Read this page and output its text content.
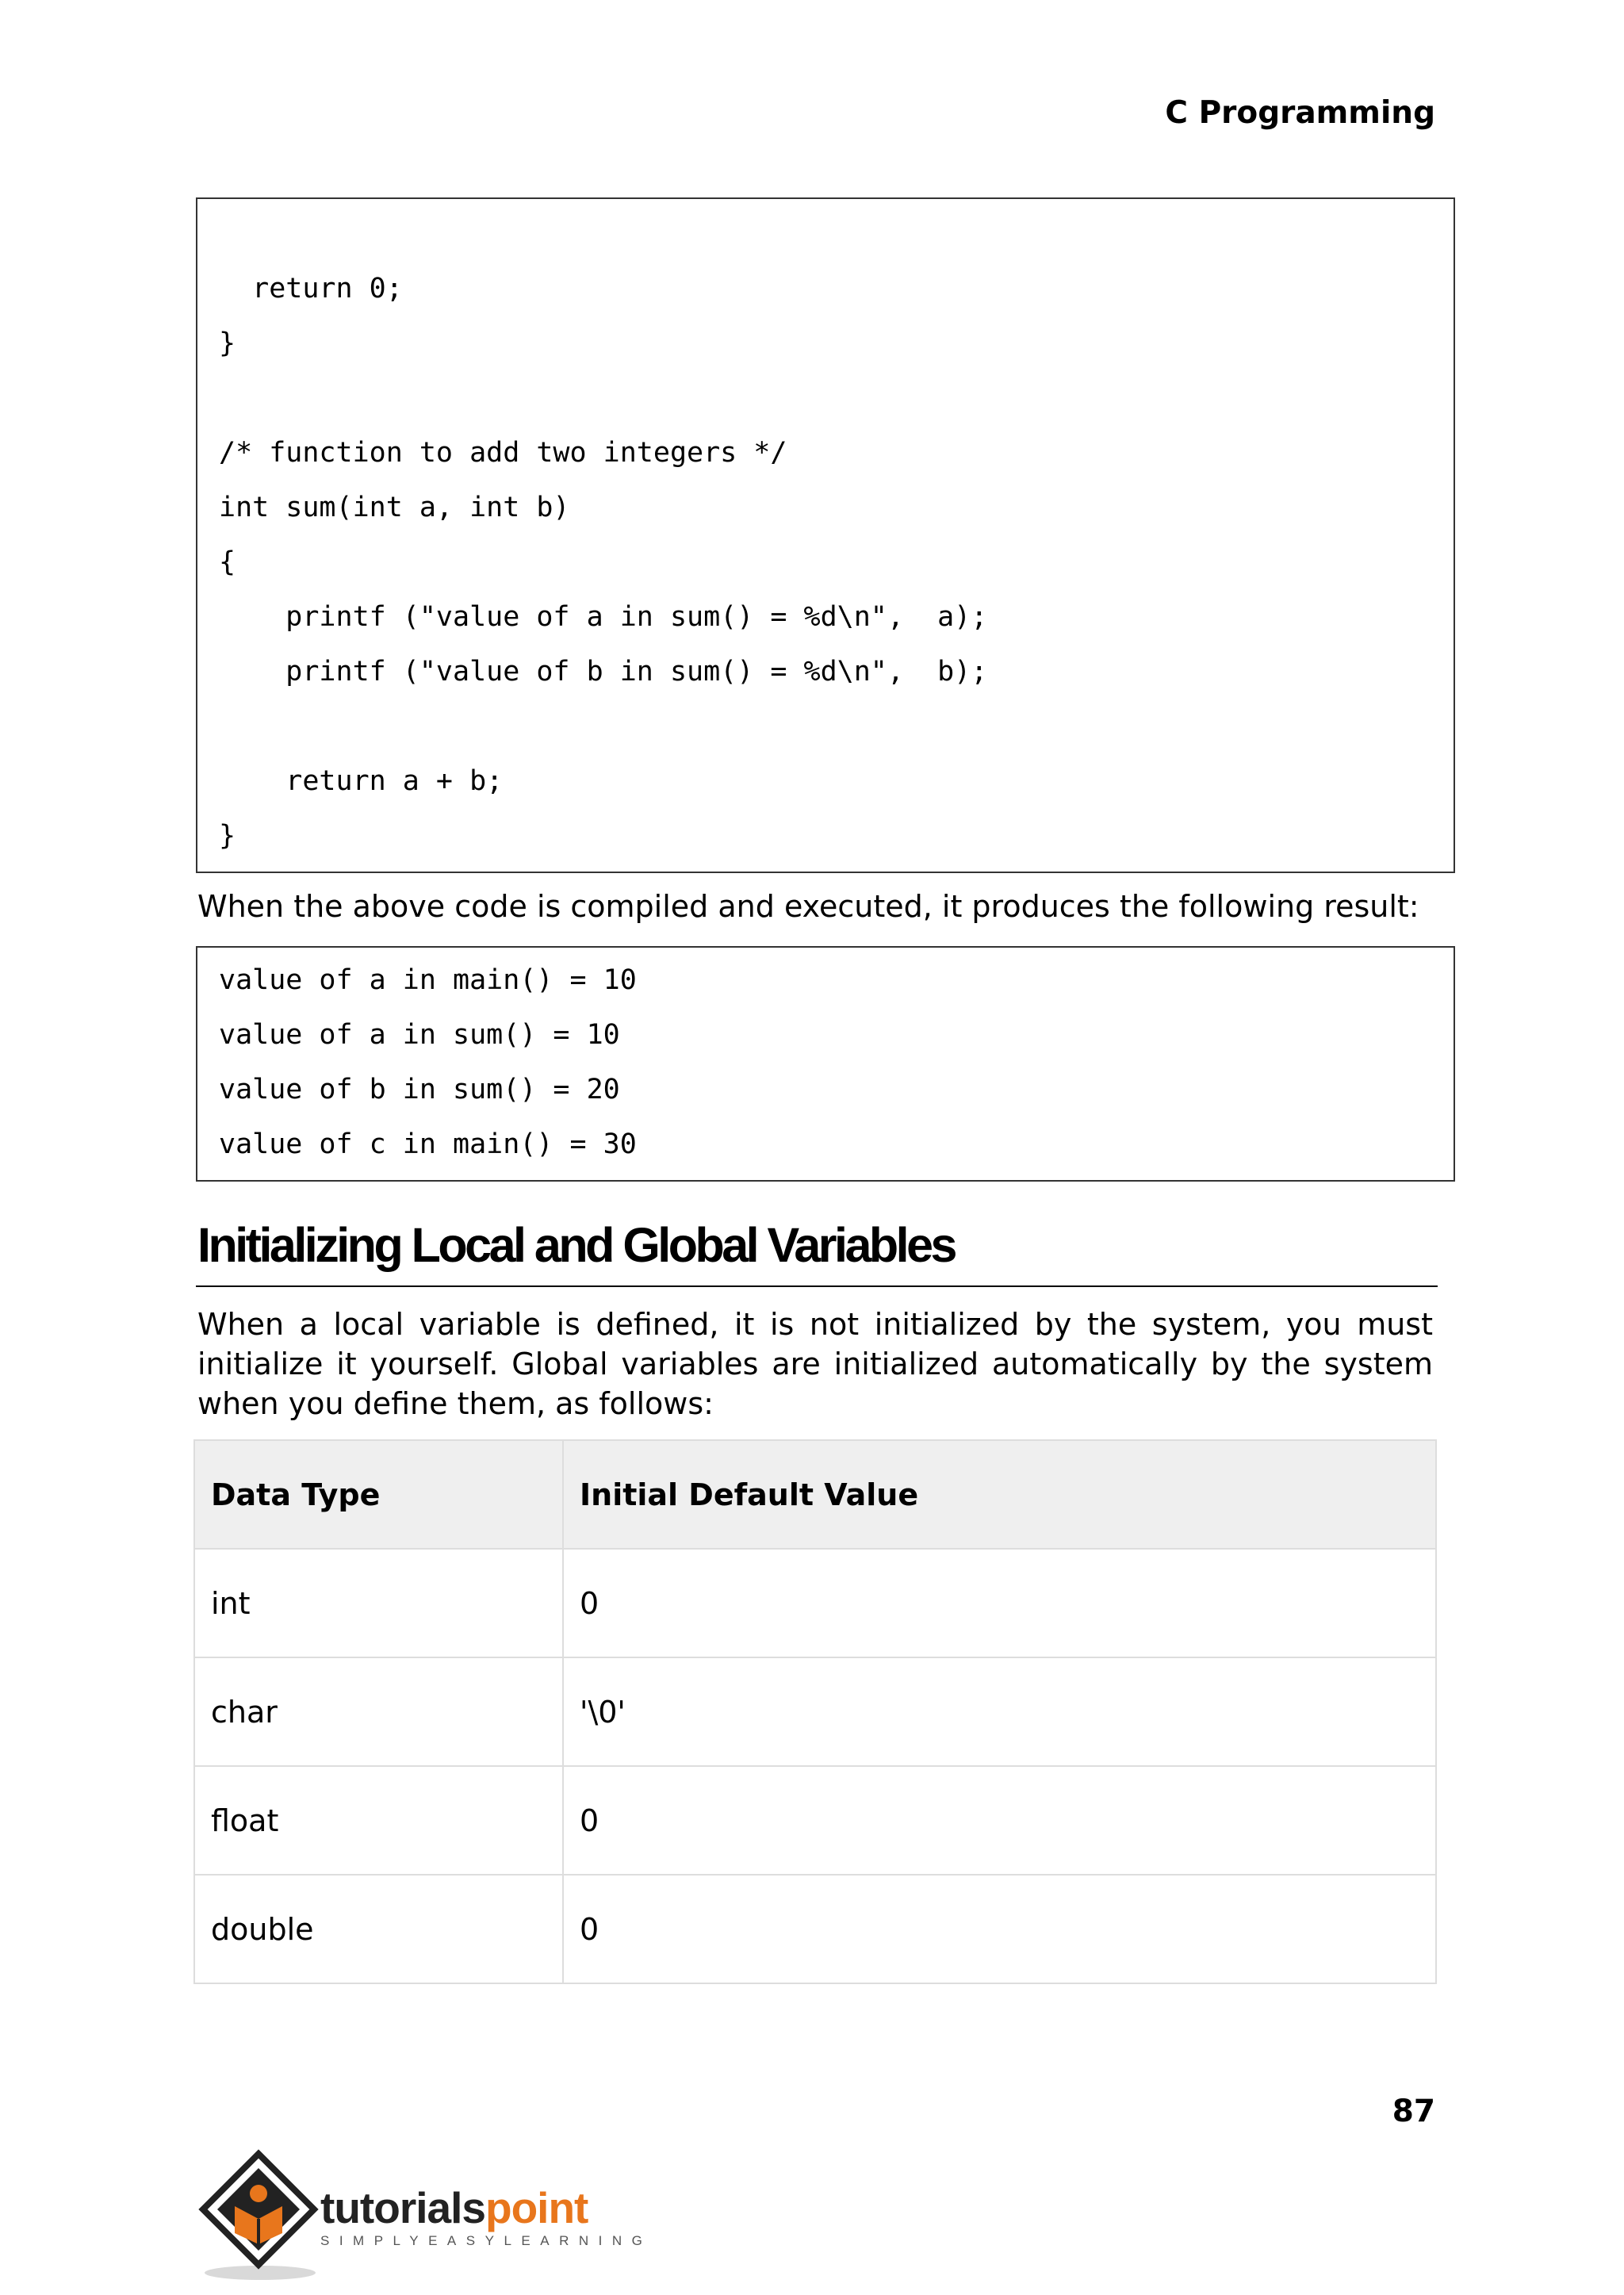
C Programming
return 0;
}
/* function to add two integers */
int sum(int a, int b)
{
printf ("value of a in sum() = %d\n",  a);
printf ("value of b in sum() = %d\n",  b);
return a + b;
}

When the above code is compiled and executed, it produces the following result:

value of a in main() = 10
value of a in sum() = 10
value of b in sum() = 20
value of c in main() = 30
Initializing Local and Global Variables

When a local variable is defined, it is not initialized by the system, you must initialize it yourself. Global variables are initialized automatically by the system when you define them, as follows:

Data Type	Initial Default Value
int	0
char	'\0'
float	0
double	0
87

tutorialspoint

SIMPLYEASYLEARNING
